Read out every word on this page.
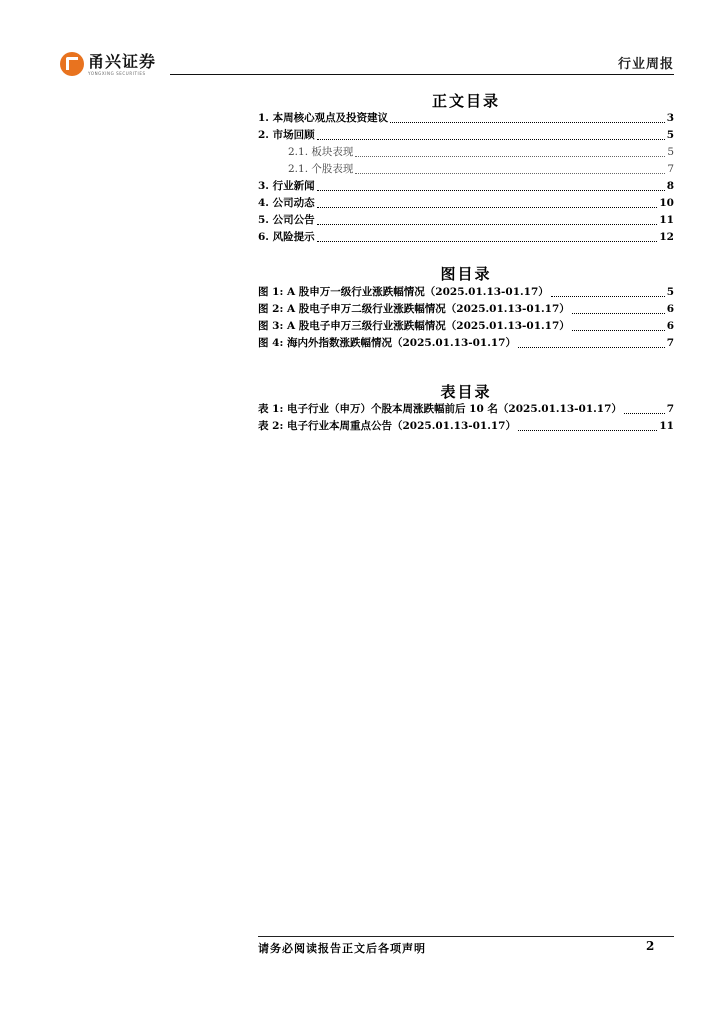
甬兴证券
YONGXING SECURITIES
行业周报
正文目录
1. 本周核心观点及投资建议	3
2. 市场回顾	5
2.1. 板块表现	5
2.1. 个股表现	7
3. 行业新闻	8
4. 公司动态	10
5. 公司公告	11
6. 风险提示	12
图目录
图 1: A 股申万一级行业涨跌幅情况（2025.01.13-01.17）	5
图 2: A 股电子申万二级行业涨跌幅情况（2025.01.13-01.17）	6
图 3: A 股电子申万三级行业涨跌幅情况（2025.01.13-01.17）	6
图 4: 海内外指数涨跌幅情况（2025.01.13-01.17）	7
表目录
表 1: 电子行业（申万）个股本周涨跌幅前后 10 名（2025.01.13-01.17）	7
表 2: 电子行业本周重点公告（2025.01.13-01.17）	11
请务必阅读报告正文后各项声明	2
